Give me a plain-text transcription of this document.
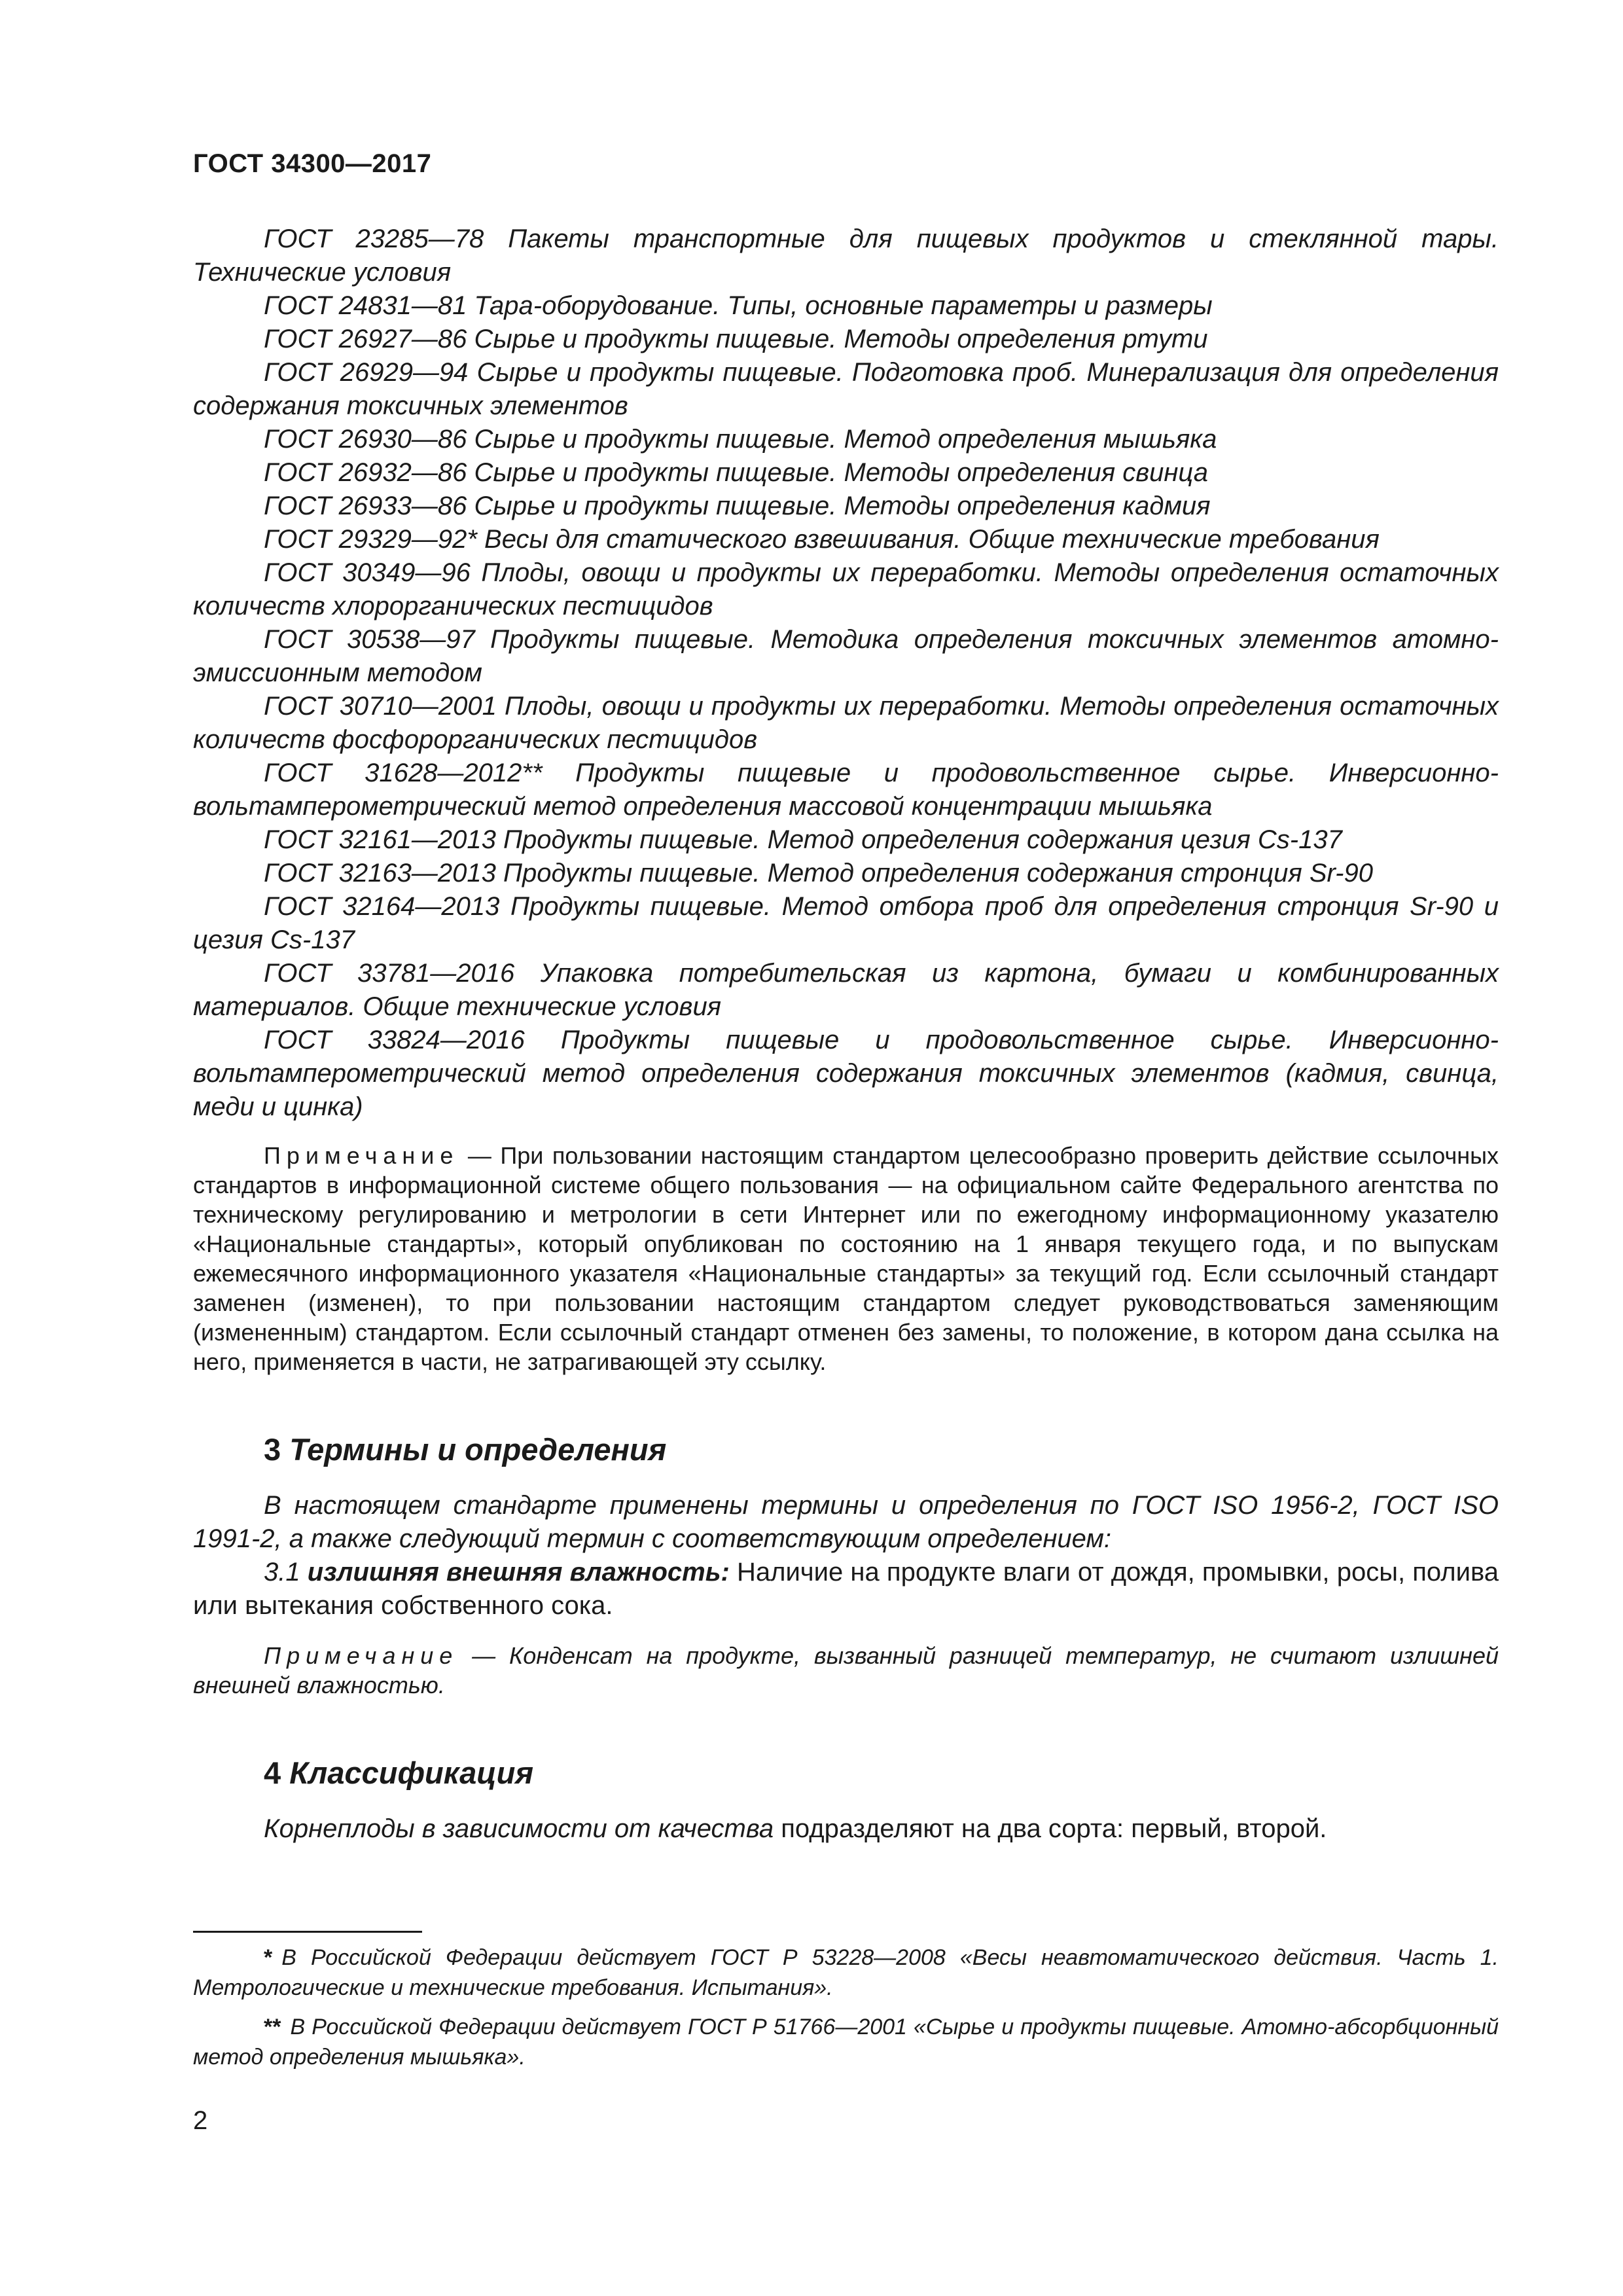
ГОСТ 34300—2017

ГОСТ 23285—78 Пакеты транспортные для пищевых продуктов и стеклянной тары. Технические условия

ГОСТ 24831—81 Тара-оборудование. Типы, основные параметры и размеры

ГОСТ 26927—86 Сырье и продукты пищевые. Методы определения ртути

ГОСТ 26929—94 Сырье и продукты пищевые. Подготовка проб. Минерализация для определения содержания токсичных элементов

ГОСТ 26930—86 Сырье и продукты пищевые. Метод определения мышьяка

ГОСТ 26932—86 Сырье и продукты пищевые. Методы определения свинца

ГОСТ 26933—86 Сырье и продукты пищевые. Методы определения кадмия

ГОСТ 29329—92* Весы для статического взвешивания. Общие технические требования

ГОСТ 30349—96 Плоды, овощи и продукты их переработки. Методы определения остаточных количеств хлорорганических пестицидов

ГОСТ 30538—97 Продукты пищевые. Методика определения токсичных элементов атомно-эмиссионным методом

ГОСТ 30710—2001 Плоды, овощи и продукты их переработки. Методы определения остаточных количеств фосфорорганических пестицидов

ГОСТ 31628—2012** Продукты пищевые и продовольственное сырье. Инверсионно-вольтамперометрический метод определения массовой концентрации мышьяка

ГОСТ 32161—2013 Продукты пищевые. Метод определения содержания цезия Cs-137

ГОСТ 32163—2013 Продукты пищевые. Метод определения содержания стронция Sr-90

ГОСТ 32164—2013 Продукты пищевые. Метод отбора проб для определения стронция Sr-90 и цезия Cs-137

ГОСТ 33781—2016 Упаковка потребительская из картона, бумаги и комбинированных материалов. Общие технические условия

ГОСТ 33824—2016 Продукты пищевые и продовольственное сырье. Инверсионно-вольтамперометрический метод определения содержания токсичных элементов (кадмия, свинца, меди и цинка)

Примечание — При пользовании настоящим стандартом целесообразно проверить действие ссылочных стандартов в информационной системе общего пользования — на официальном сайте Федерального агентства по техническому регулированию и метрологии в сети Интернет или по ежегодному информационному указателю «Национальные стандарты», который опубликован по состоянию на 1 января текущего года, и по выпускам ежемесячного информационного указателя «Национальные стандарты» за текущий год. Если ссылочный стандарт заменен (изменен), то при пользовании настоящим стандартом следует руководствоваться заменяющим (измененным) стандартом. Если ссылочный стандарт отменен без замены, то положение, в котором дана ссылка на него, применяется в части, не затрагивающей эту ссылку.

3 Термины и определения

В настоящем стандарте применены термины и определения по ГОСТ ISO 1956-2, ГОСТ ISO 1991-2, а также следующий термин с соответствующим определением:

3.1 излишняя внешняя влажность: Наличие на продукте влаги от дождя, промывки, росы, полива или вытекания собственного сока.

Примечание — Конденсат на продукте, вызванный разницей температур, не считают излишней внешней влажностью.

4 Классификация

Корнеплоды в зависимости от качества подразделяют на два сорта: первый, второй.

* В Российской Федерации действует ГОСТ Р 53228—2008 «Весы неавтоматического действия. Часть 1. Метрологические и технические требования. Испытания».

** В Российской Федерации действует ГОСТ Р 51766—2001 «Сырье и продукты пищевые. Атомно-абсорбционный метод определения мышьяка».

2
